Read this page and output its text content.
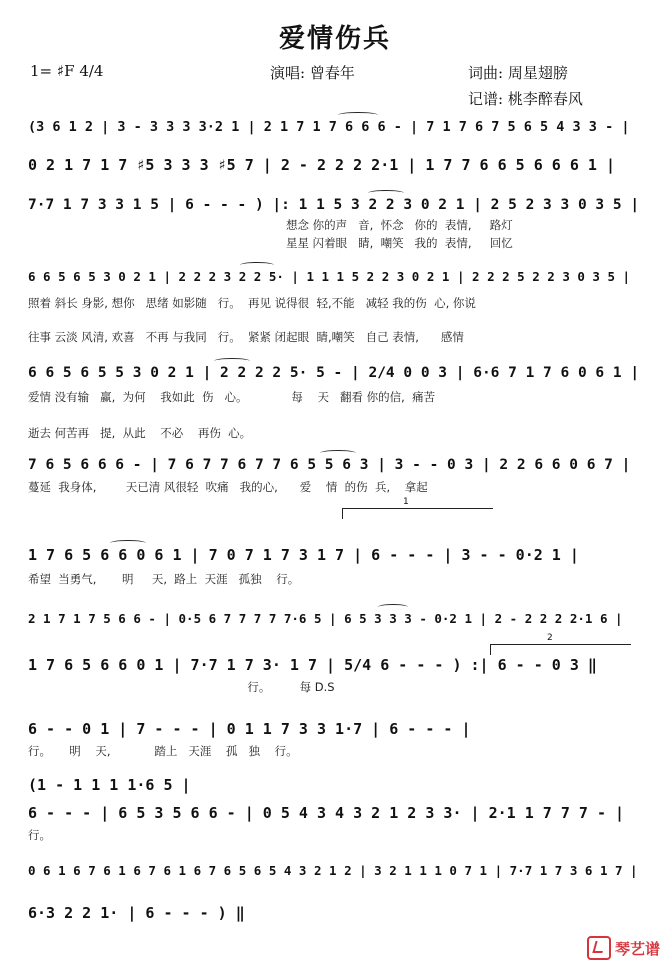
爱情伤兵
1= ♯F 4/4	演唱: 曾春年	词曲: 周星翅膀
记谱: 桃李醉春风
(3 6 1 2 | 3 - 3 3 3 3·2 1 | 2 1 7 1 7 6 6 6 - | 7 1 7 6 7 5 6 5 4 3 3 - |
0 2 1 7 1 7 ♯5 3 3 3 ♯5 7 | 2 - 2 2 2 2·1 | 1 7 7 6 6 5 6 6 6 1 |
7·7 1 7 3 3 1 5 | 6 - - - ) |: 1 1 5 3 2 2 3 0 2 1 | 2 5 2 3 3 0 3 5 |
想念 你的声   音,  怀念   你的  表情,     路灯
星星 闪着眼   睛,  嘲笑   我的  表情,     回忆
6 6 5 6 5 3 0 2 1 | 2 2 2 3 2 2 5· | 1 1 1 5 2 2 3 0 2 1 | 2 2 2 5 2 2 3 0 3 5 |
照着 斜长 身影, 想你   思绪 如影随   行。  再见 说得很  轻,不能   减轻 我的伤  心, 你说
往事 云淡 风清, 欢喜   不再 与我同   行。  紧紧 闭起眼  睛,嘲笑   自己 表情,      感情
6 6 5 6 5 5 3 0 2 1 | 2 2 2 2 5· 5 - | 2/4 0 0 3 | 6·6 7 1 7 6 0 6 1 |
爱情 没有输   赢,  为何    我如此  伤   心。            每    天   翻看 你的信,  痛苦
逝去 何苦再   提,  从此    不必    再伤  心。
7 6 5 6 6 6 - | 7 6 7 7 6 7 7 6 5 5 6 3 | 3 - - 0 3 | 2 2 6 6 0 6 7 |
蔓延  我身体,        天已清 风很轻  吹痛   我的心,      爱    情  的伤  兵,    拿起
1
1 7 6 5 6 6 0 6 1 | 7 0 7 1 7 3 1 7 | 6 - - - | 3 - - 0·2 1 |
希望  当勇气,       明     天,  路上  天涯   孤独    行。
2 1 7 1 7 5 6 6 - | 0·5 6 7 7 7 7 7·6 5 | 6 5 3 3 3 - 0·2 1 | 2 - 2 2 2 2·1 6 |
2
1 7 6 5 6 6 0 1 | 7·7 1 7 3· 1 7 | 5/4 6 - - - ) :| 6 - - 0 3 ‖
行。        每 D.S
6 - - 0 1 | 7 - - - | 0 1 1 7 3 3 1·7 | 6 - - - |
行。     明    天,            踏上   天涯    孤   独    行。
(1 - 1 1 1 1·6 5 |
6 - - - | 6 5 3 5 6 6 - | 0 5 4 3 4 3 2 1 2 3 3· | 2·1 1 7 7 7 - |
行。
0 6 1 6 7 6 1 6 7 6 1 6 7 6 5 6 5 4 3 2 1 2 | 3 2 1 1 1 0 7 1 | 7·7 1 7 3 6 1 7 |
6·3 2 2 1· | 6 - - - ) ‖
琴艺谱
